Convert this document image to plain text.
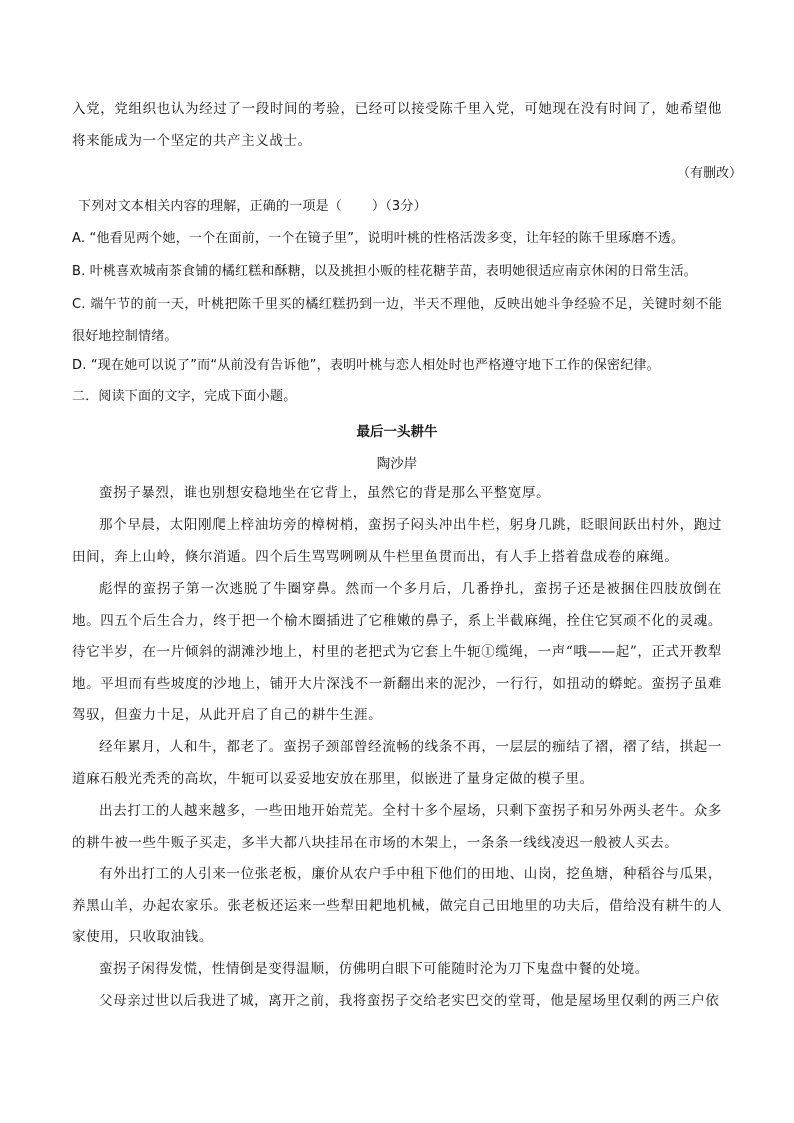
入党，党组织也认为经过了一段时间的考验，已经可以接受陈千里入党，可她现在没有时间了，她希望他将来能成为一个坚定的共产主义战士。

（有删改）

下列对文本相关内容的理解，正确的一项是（ ）（3分）

A. “他看见两个她，一个在面前，一个在镜子里”，说明叶桃的性格活泼多变，让年轻的陈千里琢磨不透。

B. 叶桃喜欢城南茶食铺的橘红糕和酥糖，以及挑担小贩的桂花糖芋苗，表明她很适应南京休闲的日常生活。

C. 端午节的前一天，叶桃把陈千里买的橘红糕扔到一边，半天不理他，反映出她斗争经验不足，关键时刻不能很好地控制情绪。

D. “现在她可以说了”而“从前没有告诉他”，表明叶桃与恋人相处时也严格遵守地下工作的保密纪律。

二．阅读下面的文字，完成下面小题。

最后一头耕牛

陶沙岸

蛮拐子暴烈，谁也别想安稳地坐在它背上，虽然它的背是那么平整宽厚。

那个早晨，太阳刚爬上梓油坊旁的樟树梢，蛮拐子闷头冲出牛栏，躬身几跳，眨眼间跃出村外，跑过田间，奔上山岭，倏尔消遁。四个后生骂骂咧咧从牛栏里鱼贯而出，有人手上搭着盘成卷的麻绳。

彪悍的蛮拐子第一次逃脱了牛圈穿鼻。然而一个多月后，几番挣扎，蛮拐子还是被捆住四肢放倒在地。四五个后生合力，终于把一个榆木圈插进了它稚嫩的鼻子，系上半截麻绳，拴住它冥顽不化的灵魂。待它半岁，在一片倾斜的湖滩沙地上，村里的老把式为它套上牛轭①缆绳，一声“哦——起”，正式开教犁地。平坦而有些坡度的沙地上，铺开大片深浅不一新翻出来的泥沙，一行行，如扭动的蟒蛇。蛮拐子虽难驾驭，但蛮力十足，从此开启了自己的耕牛生涯。

经年累月，人和牛，都老了。蛮拐子颈部曾经流畅的线条不再，一层层的痂结了褶，褶了结，拱起一道麻石般光秃秃的高坎，牛轭可以妥妥地安放在那里，似嵌进了量身定做的模子里。

出去打工的人越来越多，一些田地开始荒芜。全村十多个屋场，只剩下蛮拐子和另外两头老牛。众多的耕牛被一些牛贩子买走，多半大都八块挂吊在市场的木架上，一条条一线线凌迟一般被人买去。

有外出打工的人引来一位张老板，廉价从农户手中租下他们的田地、山岗，挖鱼塘，种稻谷与瓜果，养黑山羊，办起农家乐。张老板还运来一些犁田耙地机械，做完自己田地里的功夫后，借给没有耕牛的人家使用，只收取油钱。

蛮拐子闲得发慌，性情倒是变得温顺，仿佛明白眼下可能随时沦为刀下鬼盘中餐的处境。

父母亲过世以后我进了城，离开之前，我将蛮拐子交给老实巴交的堂哥，他是屋场里仅剩的两三户依
